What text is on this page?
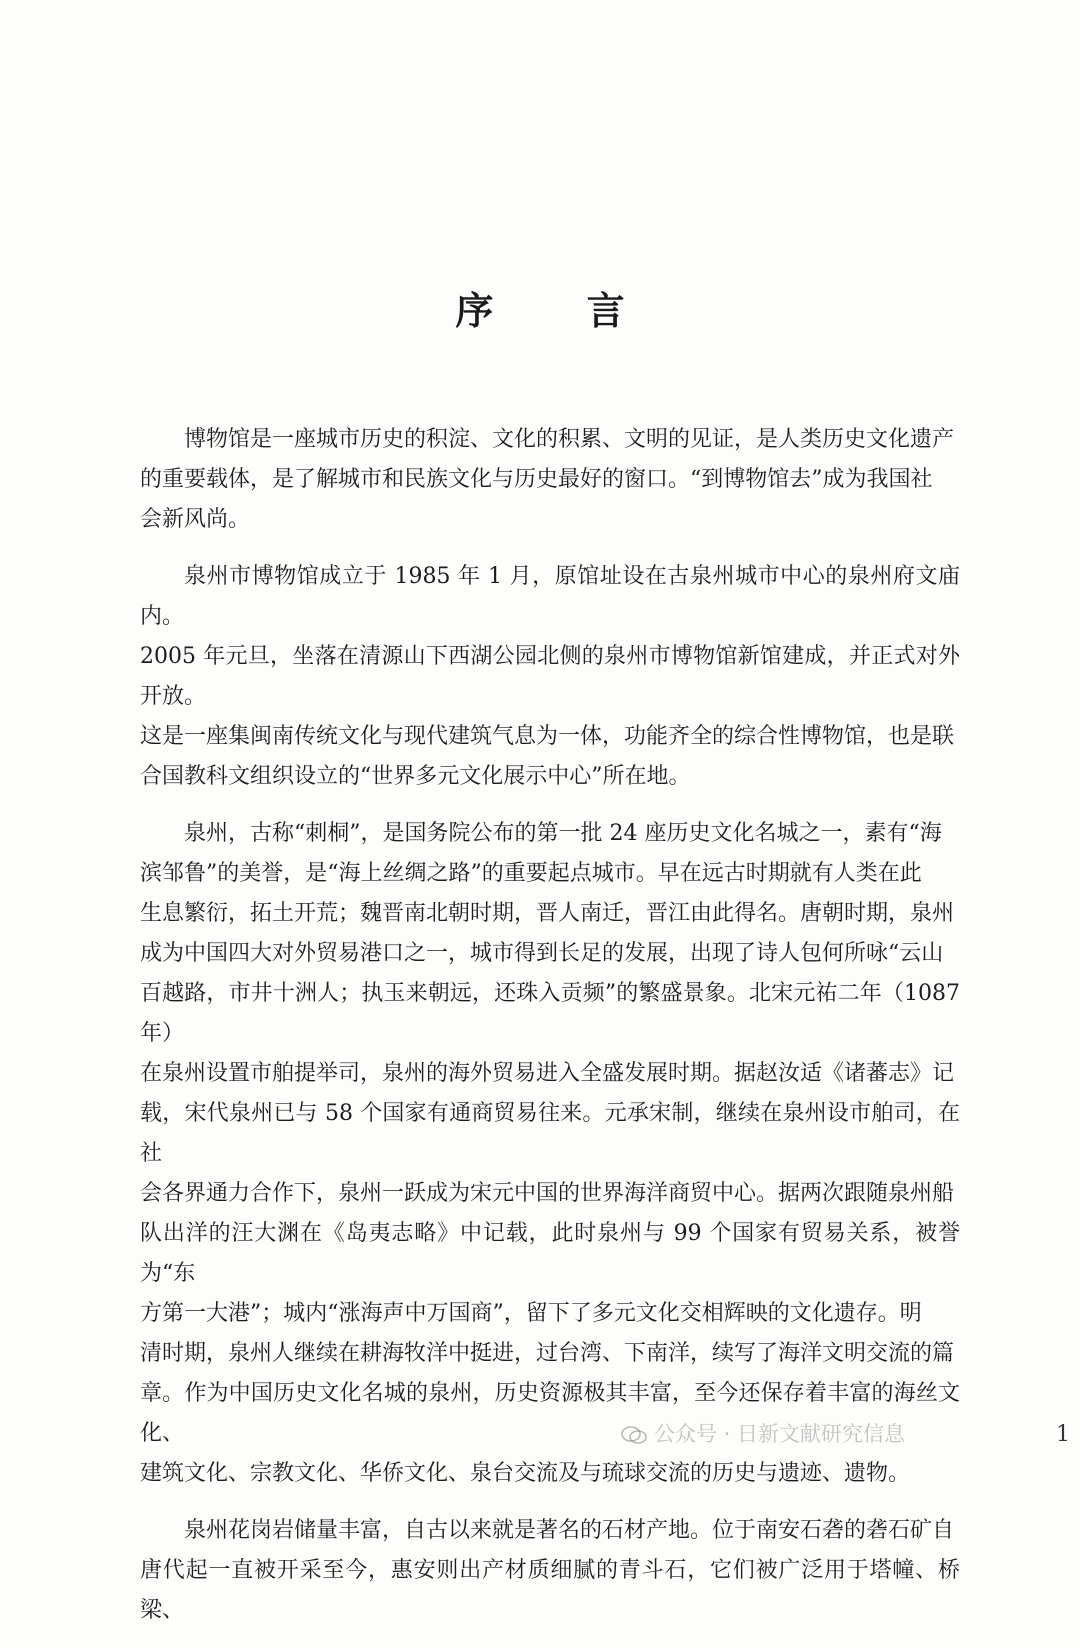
序 言

博物馆是一座城市历史的积淀、文化的积累、文明的见证，是人类历史文化遗产
的重要载体，是了解城市和民族文化与历史最好的窗口。“到博物馆去”成为我国社
会新风尚。

泉州市博物馆成立于 1985 年 1 月，原馆址设在古泉州城市中心的泉州府文庙内。
2005 年元旦，坐落在清源山下西湖公园北侧的泉州市博物馆新馆建成，并正式对外开放。
这是一座集闽南传统文化与现代建筑气息为一体，功能齐全的综合性博物馆，也是联
合国教科文组织设立的“世界多元文化展示中心”所在地。

泉州，古称“刺桐”，是国务院公布的第一批 24 座历史文化名城之一，素有“海
滨邹鲁”的美誉，是“海上丝绸之路”的重要起点城市。早在远古时期就有人类在此
生息繁衍，拓土开荒；魏晋南北朝时期，晋人南迁，晋江由此得名。唐朝时期，泉州
成为中国四大对外贸易港口之一，城市得到长足的发展，出现了诗人包何所咏“云山
百越路，市井十洲人；执玉来朝远，还珠入贡频”的繁盛景象。北宋元祐二年（1087 年）
在泉州设置市舶提举司，泉州的海外贸易进入全盛发展时期。据赵汝适《诸蕃志》记
载，宋代泉州已与 58 个国家有通商贸易往来。元承宋制，继续在泉州设市舶司，在社
会各界通力合作下，泉州一跃成为宋元中国的世界海洋商贸中心。据两次跟随泉州船
队出洋的汪大渊在《岛夷志略》中记载，此时泉州与 99 个国家有贸易关系，被誉为“东
方第一大港”；城内“涨海声中万国商”，留下了多元文化交相辉映的文化遗存。明
清时期，泉州人继续在耕海牧洋中挺进，过台湾、下南洋，续写了海洋文明交流的篇
章。作为中国历史文化名城的泉州，历史资源极其丰富，至今还保存着丰富的海丝文化、
建筑文化、宗教文化、华侨文化、泉台交流及与琉球交流的历史与遗迹、遗物。

泉州花岗岩储量丰富，自古以来就是著名的石材产地。位于南安石砻的砻石矿自
唐代起一直被开采至今，惠安则出产材质细腻的青斗石，它们被广泛用于塔幢、桥梁、

公众号 · 日新文献研究信息	1
